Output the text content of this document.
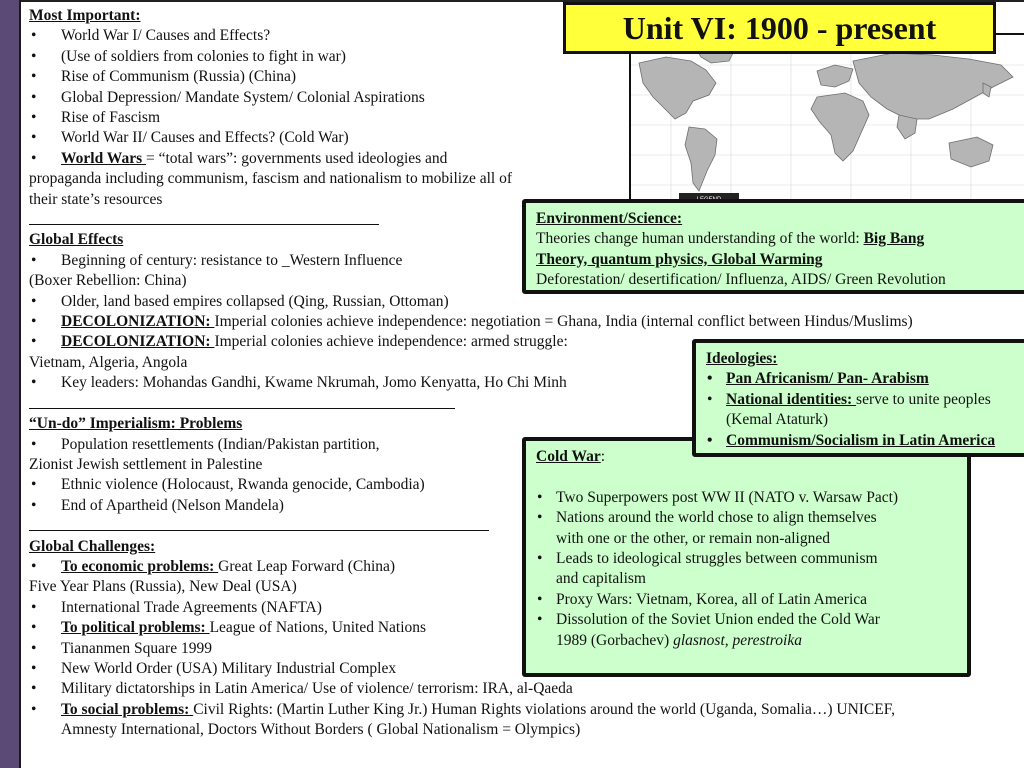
Most Important:
• World War I/ Causes and Effects?
• (Use of soldiers from colonies to fight in war)
• Rise of Communism (Russia) (China)
• Global Depression/ Mandate System/ Colonial Aspirations
• Rise of Fascism
• World War II/ Causes and Effects? (Cold War)
• World Wars = “total wars”: governments used ideologies and
propaganda including communism, fascism and nationalism to mobilize all of
their state’s resources
Global Effects
• Beginning of century: resistance to _Western Influence
(Boxer Rebellion: China)
• Older, land based empires collapsed (Qing, Russian, Ottoman)
• DECOLONIZATION: Imperial colonies achieve independence: negotiation = Ghana, India (internal conflict between Hindus/Muslims)
• DECOLONIZATION: Imperial colonies achieve independence: armed struggle:
Vietnam, Algeria, Angola
• Key leaders: Mohandas Gandhi, Kwame Nkrumah, Jomo Kenyatta, Ho Chi Minh
“Un-do” Imperialism: Problems
• Population resettlements (Indian/Pakistan partition,
Zionist Jewish settlement in Palestine
• Ethnic violence (Holocaust, Rwanda genocide, Cambodia)
• End of Apartheid (Nelson Mandela)
Global Challenges:
• To economic problems: Great Leap Forward (China)
Five Year Plans (Russia), New Deal (USA)
• International Trade Agreements (NAFTA)
• To political problems: League of Nations, United Nations
• Tiananmen Square 1999
• New World Order (USA) Military Industrial Complex
• Military dictatorships in Latin America/ Use of violence/ terrorism: IRA, al-Qaeda
• To social problems: Civil Rights: (Martin Luther King Jr.) Human Rights violations around the world (Uganda, Somalia…) UNICEF,
Amnesty International, Doctors Without Borders ( Global Nationalism = Olympics)
Unit VI: 1900 - present
Environment/Science:
Theories change human understanding of the world: Big Bang
Theory, quantum physics, Global Warming
Deforestation/ desertification/ Influenza, AIDS/ Green Revolution
Cold War:
• Two Superpowers post WW II (NATO v. Warsaw Pact)
• Nations around the world chose to align themselves
with one or the other, or remain non-aligned
• Leads to ideological struggles between communism
and capitalism
• Proxy Wars: Vietnam, Korea, all of Latin America
• Dissolution of the Soviet Union ended the Cold War
1989 (Gorbachev) glasnost, perestroika
Ideologies:
• Pan Africanism/ Pan- Arabism
• National identities: serve to unite peoples
(Kemal Ataturk)
• Communism/Socialism in Latin America
